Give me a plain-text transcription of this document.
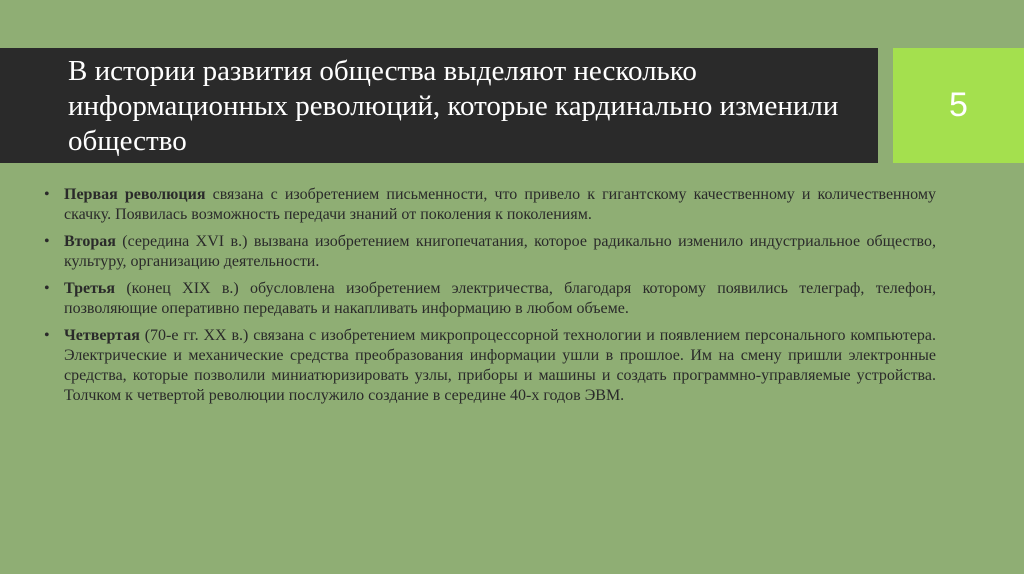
В истории развития общества выделяют несколько информационных революций, которые кардинально изменили общество
5
• Первая революция связана с изобретением письменности, что привело к гигантскому качественному и количественному скачку. Появилась возможность передачи знаний от поколения к поколениям.
• Вторая (середина XVI в.) вызвана изобретением книгопечатания, которое радикально изменило индустриальное общество, культуру, организацию деятельности.
• Третья (конец XIX в.) обусловлена изобретением электричества, благодаря которому появились телеграф, телефон, позволяющие оперативно передавать и накапливать информацию в любом объеме.
• Четвертая (70-е гг. XX в.) связана с изобретением микропроцессорной технологии и появлением персонального компьютера. Электрические и механические средства преобразования информации ушли в прошлое. Им на смену пришли электронные средства, которые позволили миниатюризировать узлы, приборы и машины и создать программно-управляемые устройства. Толчком к четвертой революции послужило создание в середине 40-х годов ЭВМ.
